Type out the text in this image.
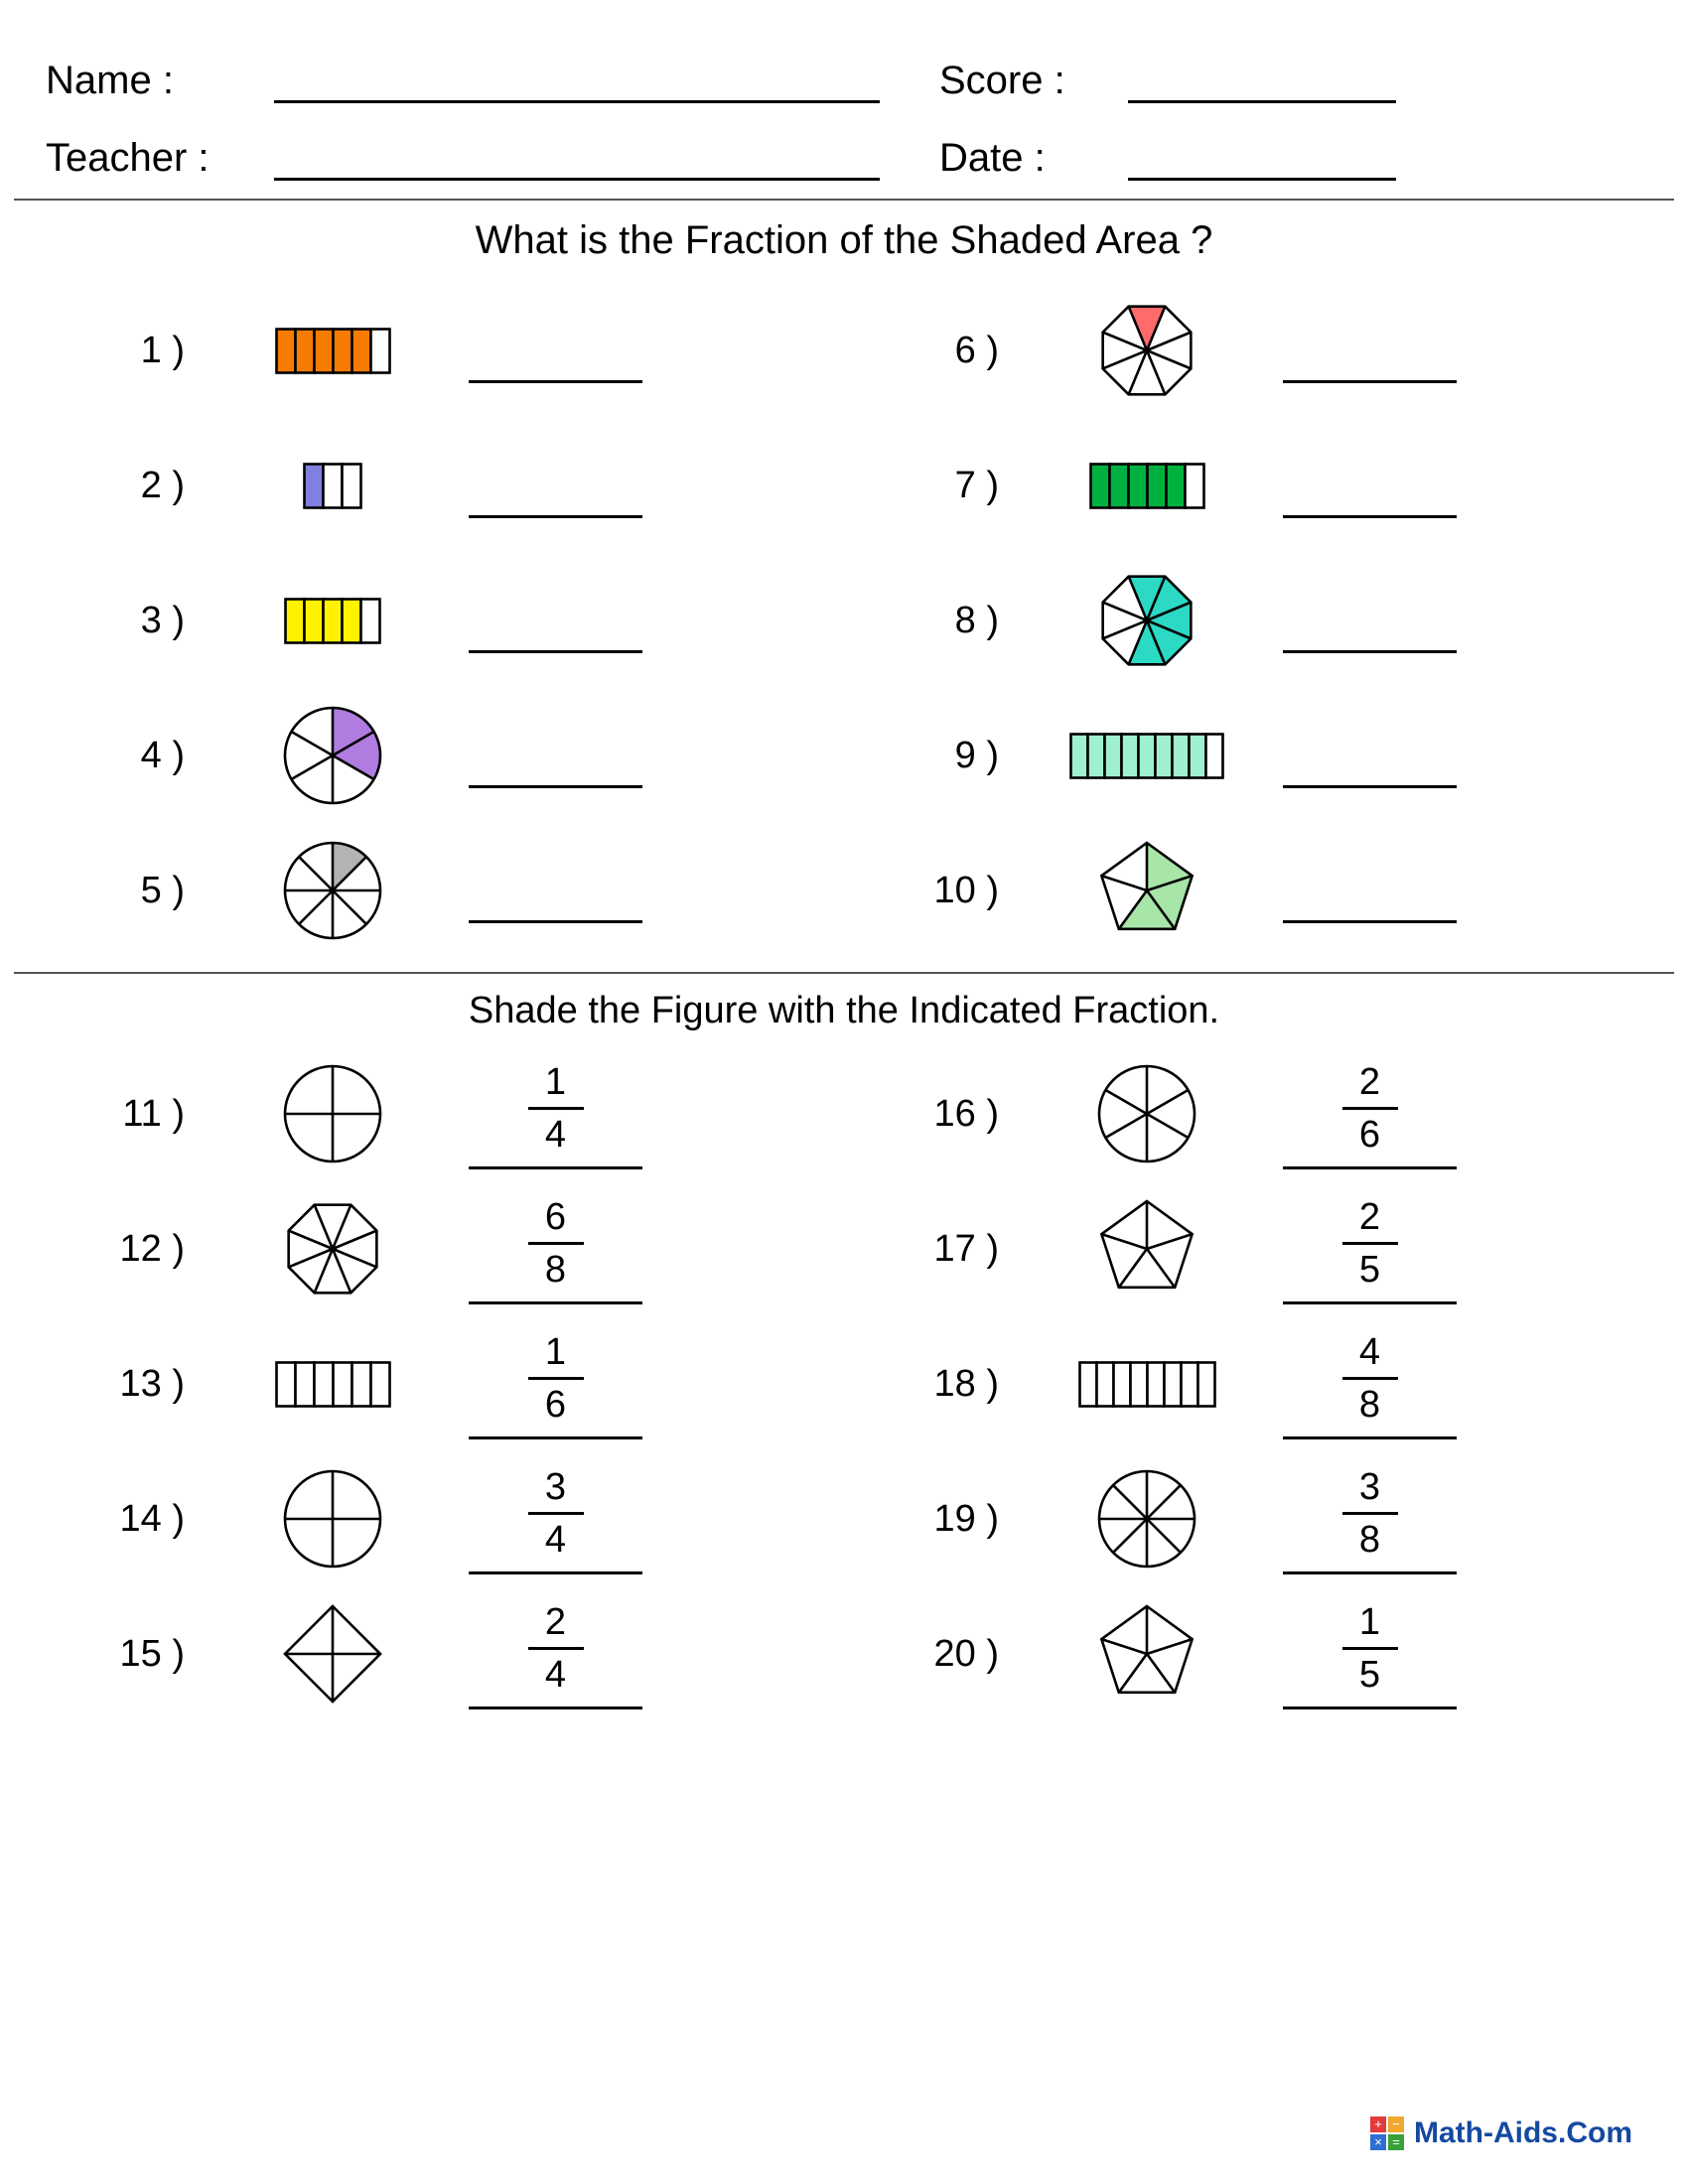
Name :	Score :
Teacher :	Date :
What is the Fraction of the Shaded Area ?
1 )	6 )
2 )	7 )
3 )	8 )
4 )	9 )
5 )	10 )
Shade the Figure with the Indicated Fraction.
11 )	$\frac{1}{4}$	16 )	$\frac{2}{6}$
12 )	$\frac{6}{8}$	17 )	$\frac{2}{5}$
13 )	$\frac{1}{6}$	18 )	$\frac{4}{8}$
14 )	$\frac{3}{4}$	19 )	$\frac{3}{8}$
15 )	$\frac{2}{4}$	20 )	$\frac{1}{5}$
+ −
× = Math-Aids.Com
